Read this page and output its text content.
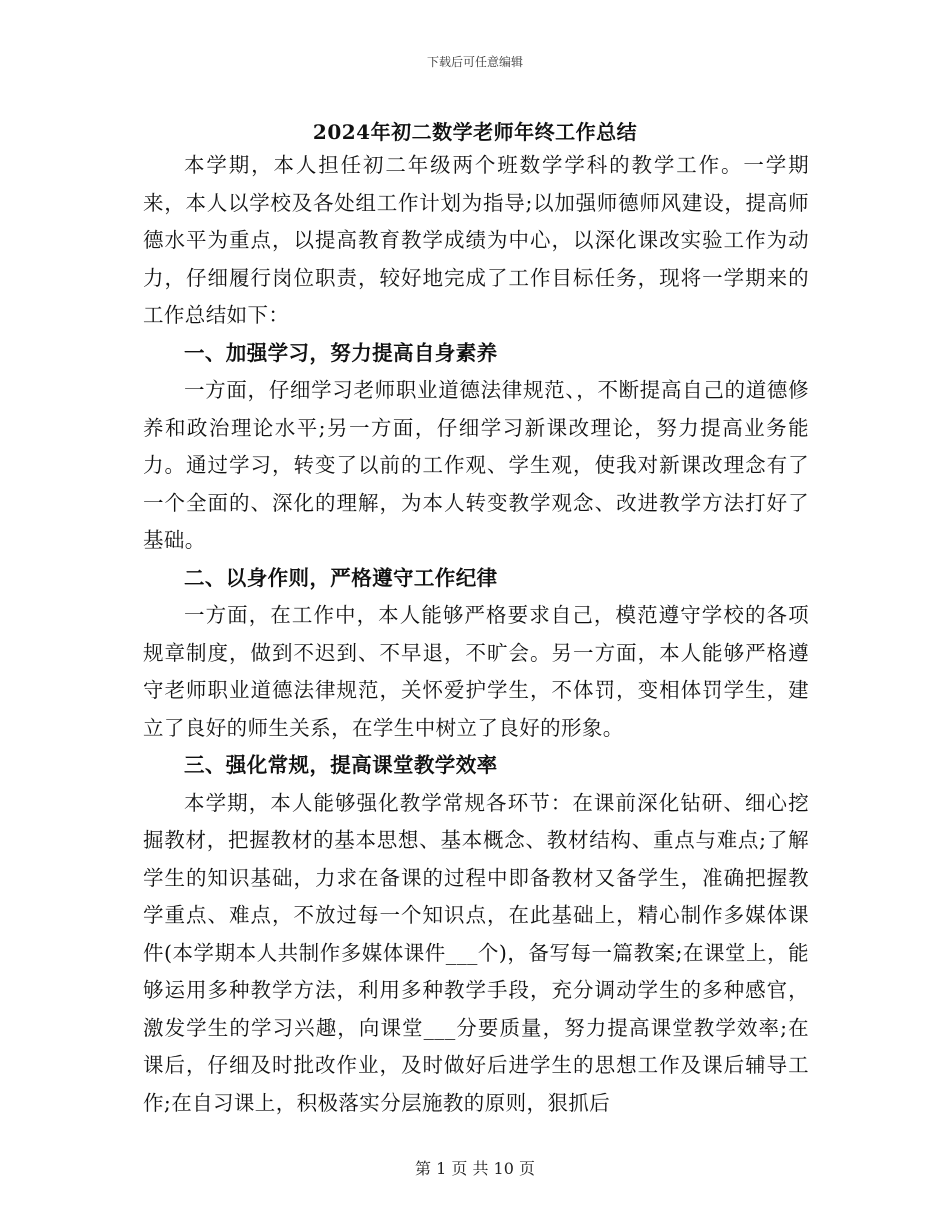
下载后可任意编辑
2024年初二数学老师年终工作总结

本学期，本人担任初二年级两个班数学学科的教学工作。一学期来，本人以学校及各处组工作计划为指导;以加强师德师风建设，提高师德水平为重点，以提高教育教学成绩为中心，以深化课改实验工作为动力，仔细履行岗位职责，较好地完成了工作目标任务，现将一学期来的工作总结如下：

一、加强学习，努力提高自身素养

一方面，仔细学习老师职业道德法律规范、，不断提高自己的道德修养和政治理论水平;另一方面，仔细学习新课改理论，努力提高业务能力。通过学习，转变了以前的工作观、学生观，使我对新课改理念有了一个全面的、深化的理解，为本人转变教学观念、改进教学方法打好了基础。

二、以身作则，严格遵守工作纪律

一方面，在工作中，本人能够严格要求自己，模范遵守学校的各项规章制度，做到不迟到、不早退，不旷会。另一方面，本人能够严格遵守老师职业道德法律规范，关怀爱护学生，不体罚，变相体罚学生，建立了良好的师生关系，在学生中树立了良好的形象。

三、强化常规，提高课堂教学效率

本学期，本人能够强化教学常规各环节：在课前深化钻研、细心挖掘教材，把握教材的基本思想、基本概念、教材结构、重点与难点;了解学生的知识基础，力求在备课的过程中即备教材又备学生，准确把握教学重点、难点，不放过每一个知识点，在此基础上，精心制作多媒体课件(本学期本人共制作多媒体课件___个)，备写每一篇教案;在课堂上，能够运用多种教学方法，利用多种教学手段，充分调动学生的多种感官，激发学生的学习兴趣，向课堂___分要质量，努力提高课堂教学效率;在课后，仔细及时批改作业，及时做好后进学生的思想工作及课后辅导工作;在自习课上，积极落实分层施教的原则，狠抓后

第 1 页 共 10 页
